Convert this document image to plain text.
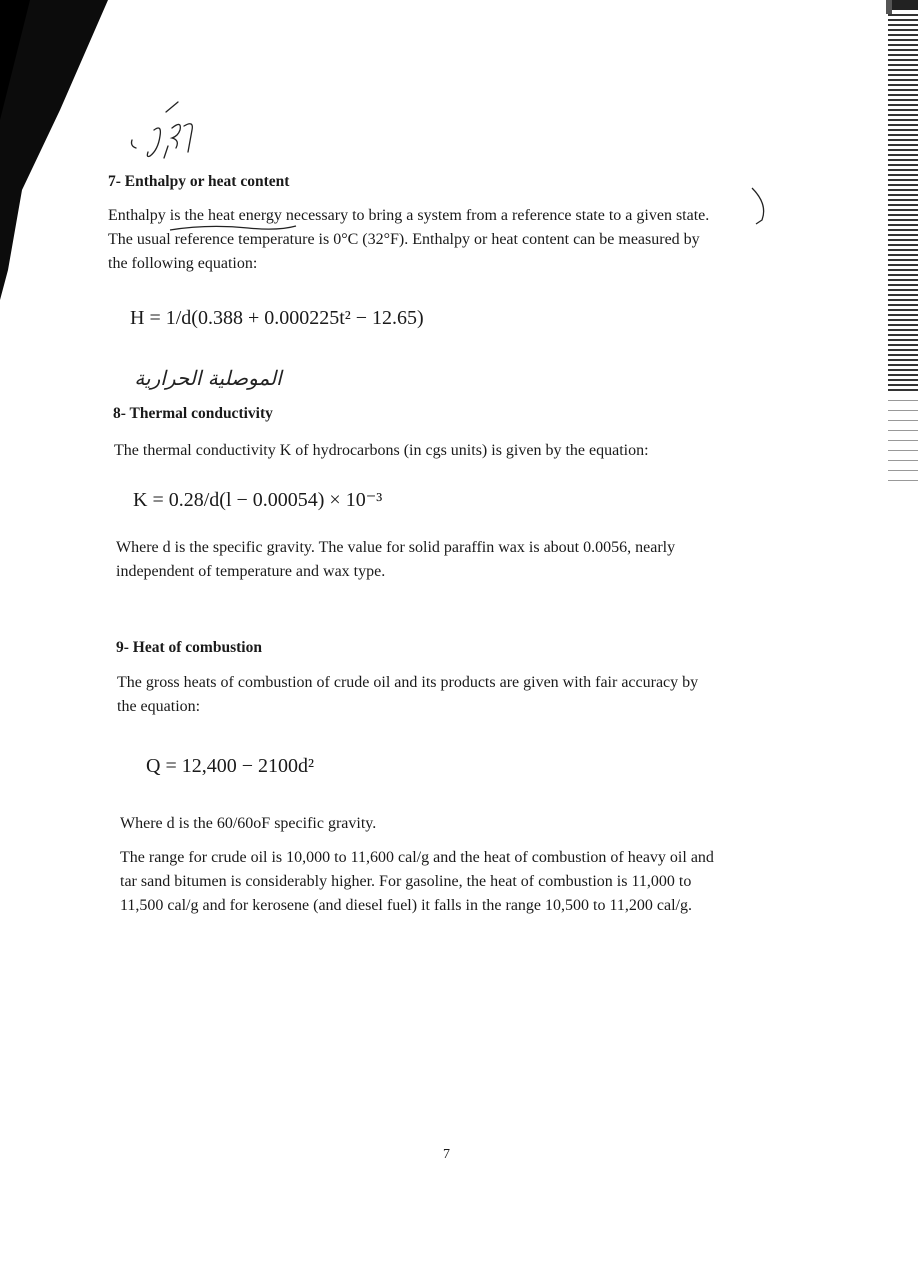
7- Enthalpy or heat content
Enthalpy is the heat energy necessary to bring a system from a reference state to a given state.
The usual reference temperature is 0°C (32°F). Enthalpy or heat content can be measured by
the following equation:
H = 1/d(0.388 + 0.000225t² − 12.65)
الموصلية الحرارية
8- Thermal conductivity

The thermal conductivity K of hydrocarbons (in cgs units) is given by the equation:

K = 0.28/d(l − 0.00054) × 10⁻³
Where d is the specific gravity. The value for solid paraffin wax is about 0.0056, nearly
independent of temperature and wax type.
9- Heat of combustion
The gross heats of combustion of crude oil and its products are given with fair accuracy by
the equation:
Q = 12,400 − 2100d²

Where d is the 60/60oF specific gravity.

The range for crude oil is 10,000 to 11,600 cal/g and the heat of combustion of heavy oil and
tar sand bitumen is considerably higher. For gasoline, the heat of combustion is 11,000 to
11,500 cal/g and for kerosene (and diesel fuel) it falls in the range 10,500 to 11,200 cal/g.
7
